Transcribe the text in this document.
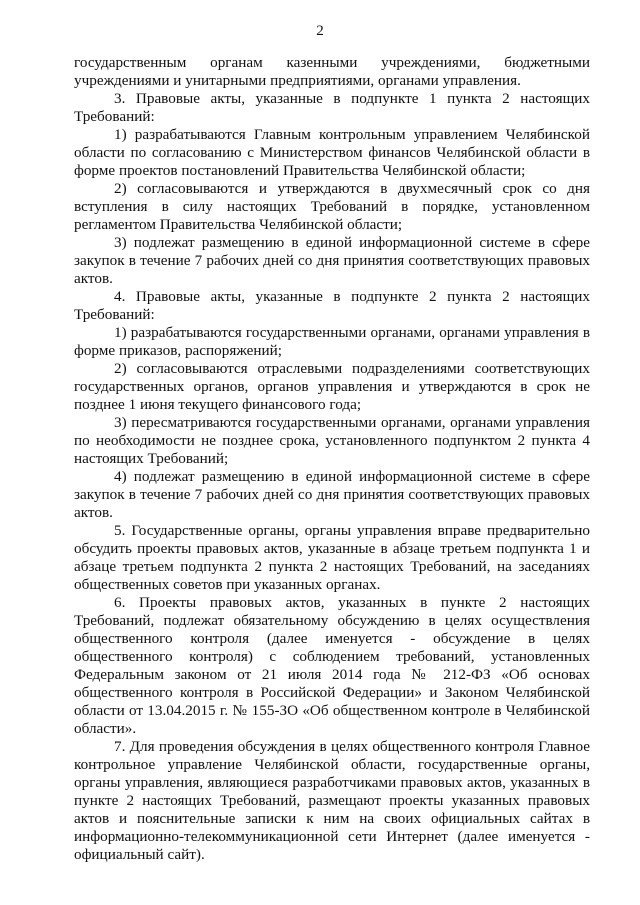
2

государственным органам казенными учреждениями, бюджетными учреждениями и унитарными предприятиями, органами управления.

3. Правовые акты, указанные в подпункте 1 пункта 2 настоящих Требований:

1) разрабатываются Главным контрольным управлением Челябинской области по согласованию с Министерством финансов Челябинской области в форме проектов постановлений Правительства Челябинской области;

2) согласовываются и утверждаются в двухмесячный срок со дня вступления в силу настоящих Требований в порядке, установленном регламентом Правительства Челябинской области;

3) подлежат размещению в единой информационной системе в сфере закупок в течение 7 рабочих дней со дня принятия соответствующих правовых актов.

4. Правовые акты, указанные в подпункте 2 пункта 2 настоящих Требований:

1) разрабатываются государственными органами, органами управления в форме приказов, распоряжений;

2) согласовываются отраслевыми подразделениями соответствующих государственных органов, органов управления и утверждаются в срок не позднее 1 июня текущего финансового года;

3) пересматриваются государственными органами, органами управления по необходимости не позднее срока, установленного подпунктом 2 пункта 4 настоящих Требований;

4) подлежат размещению в единой информационной системе в сфере закупок в течение 7 рабочих дней со дня принятия соответствующих правовых актов.

5. Государственные органы, органы управления вправе предварительно обсудить проекты правовых актов, указанные в абзаце третьем подпункта 1 и абзаце третьем подпункта 2 пункта 2 настоящих Требований, на заседаниях общественных советов при указанных органах.

6. Проекты правовых актов, указанных в пункте 2 настоящих Требований, подлежат обязательному обсуждению в целях осуществления общественного контроля (далее именуется - обсуждение в целях общественного контроля) с соблюдением требований, установленных Федеральным законом от 21 июля 2014 года № 212-ФЗ «Об основах общественного контроля в Российской Федерации» и Законом Челябинской области от 13.04.2015 г. № 155-ЗО «Об общественном контроле в Челябинской области».

7. Для проведения обсуждения в целях общественного контроля Главное контрольное управление Челябинской области, государственные органы, органы управления, являющиеся разработчиками правовых актов, указанных в пункте 2 настоящих Требований, размещают проекты указанных правовых актов и пояснительные записки к ним на своих официальных сайтах в информационно-телекоммуникационной сети Интернет (далее именуется - официальный сайт).
